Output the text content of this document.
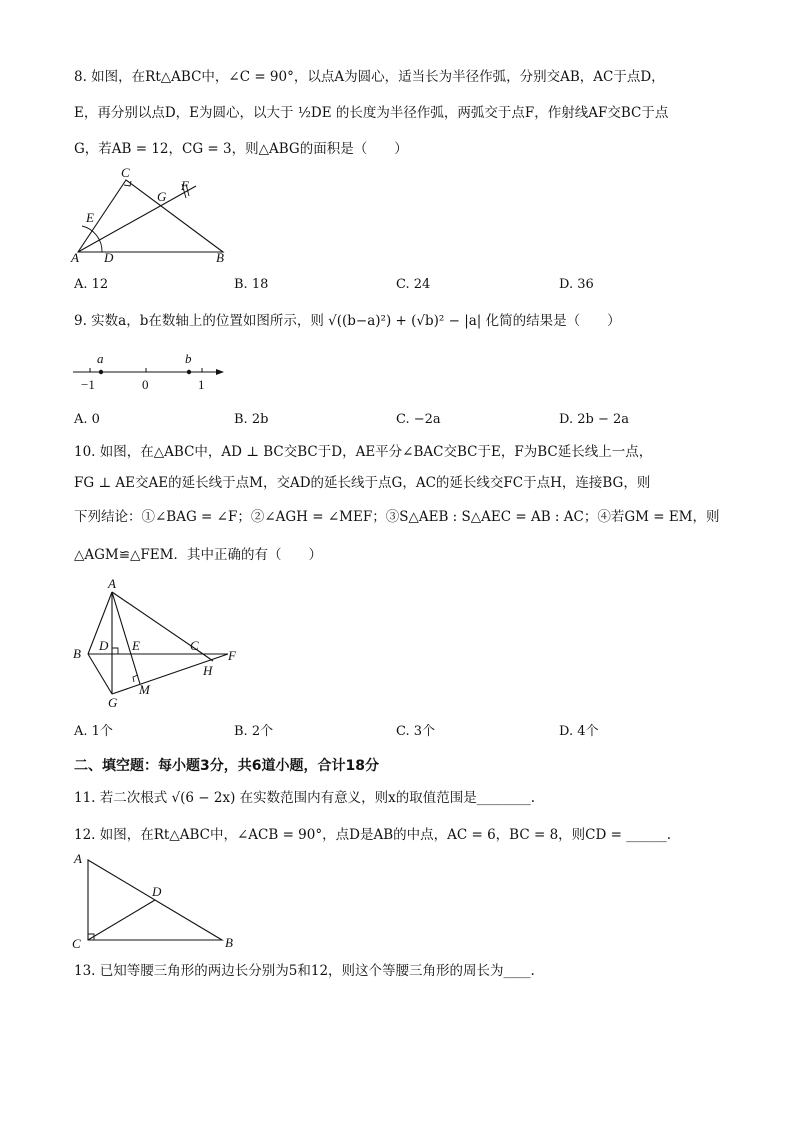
8. 如图，在Rt△ABC中，∠C = 90°，以点A为圆心，适当长为半径作弧，分别交AB，AC于点D，
E，再分别以点D，E为圆心，以大于 ½DE 的长度为半径作弧，两弧交于点F，作射线AF交BC于点
G，若AB = 12，CG = 3，则△ABG的面积是（　　）
C
F
G
E
A D	B
A. 12	B. 18	C. 24	D. 36
9. 实数a，b在数轴上的位置如图所示，则 √((b−a)²) + (√b)² − |a| 化简的结果是（　　）
a	b
−1	0	1
A. 0	B. 2b	C. −2a	D. 2b − 2a
10. 如图，在△ABC中，AD ⊥ BC交BC于D，AE平分∠BAC交BC于E，F为BC延长线上一点，
FG ⊥ AE交AE的延长线于点M，交AD的延长线于点G，AC的延长线交FC于点H，连接BG，则
下列结论：①∠BAG = ∠F；②∠AGH = ∠MEF；③S△AEB : S△AEC = AB : AC；④若GM = EM，则
△AGM≌△FEM．其中正确的有（　　）
A
B
D E	C
F
H
M
G
A. 1个	B. 2个	C. 3个	D. 4个
二、填空题：每小题3分，共6道小题，合计18分
11. 若二次根式 √(6 − 2x) 在实数范围内有意义，则x的取值范围是________.
12. 如图，在Rt△ABC中，∠ACB = 90°，点D是AB的中点，AC = 6，BC = 8，则CD = ______.
A
D
C	B
13. 已知等腰三角形的两边长分别为5和12，则这个等腰三角形的周长为____.
